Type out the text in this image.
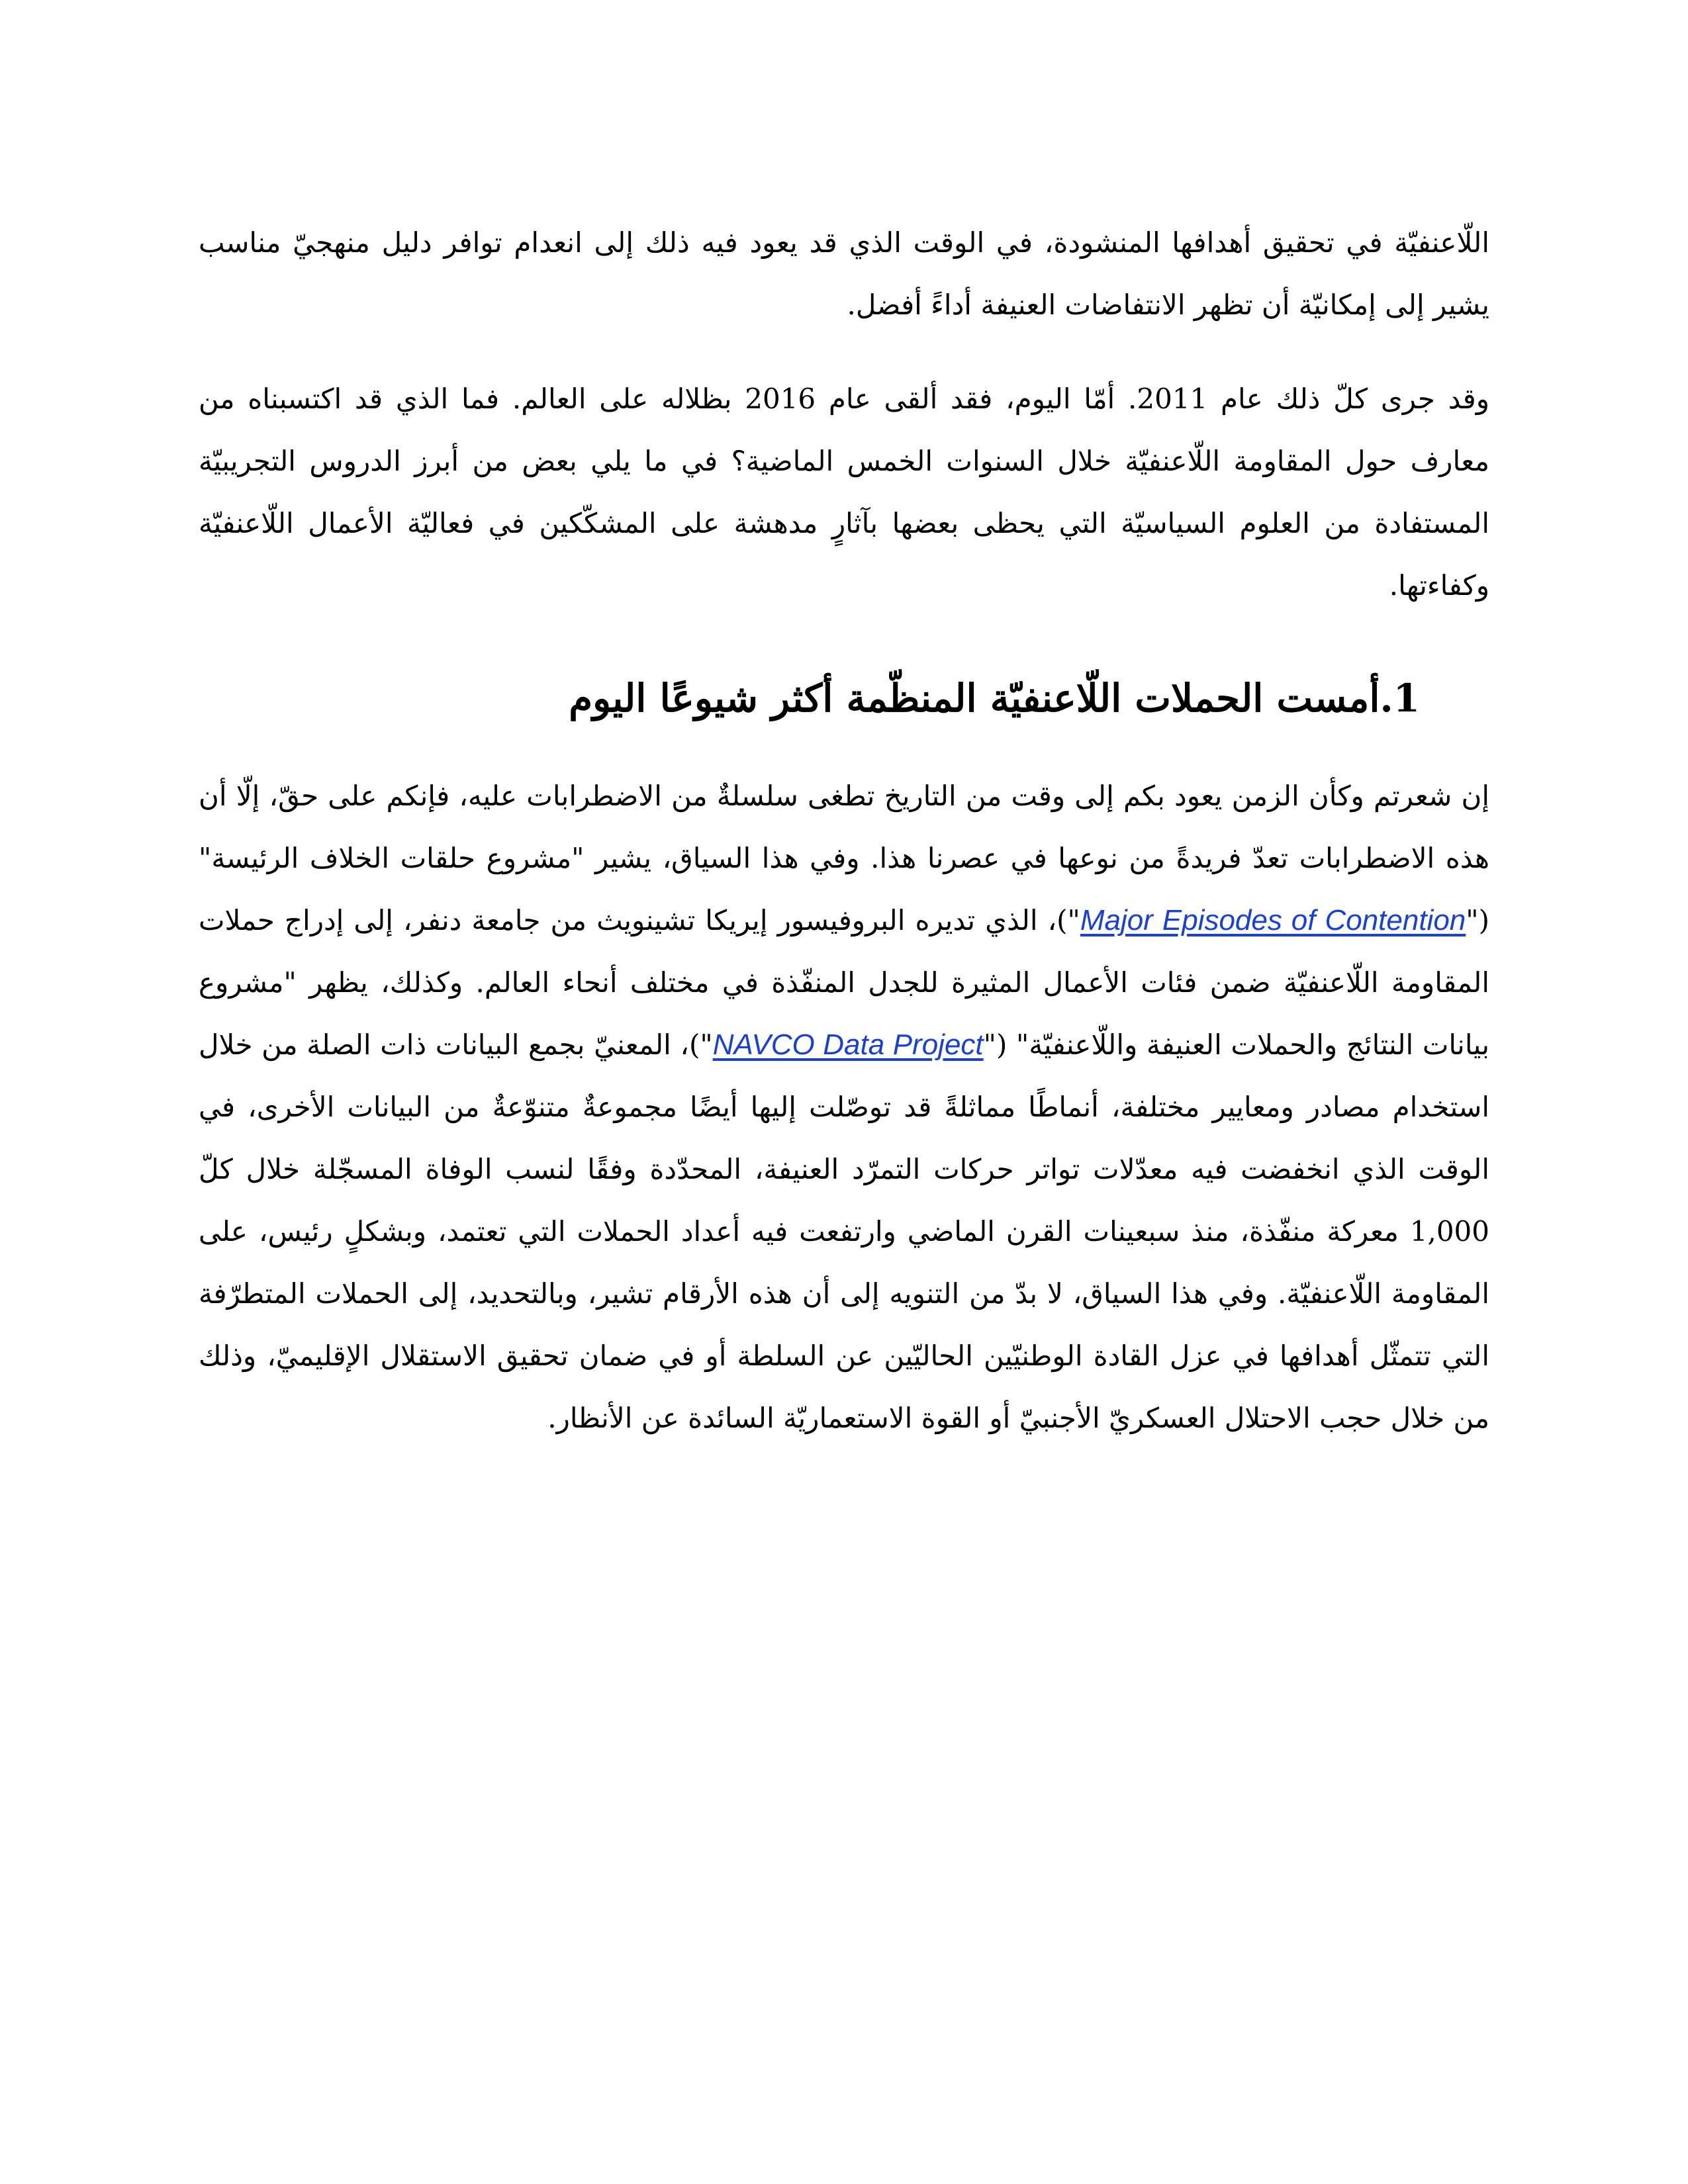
اللّاعنفيّة في تحقيق أهدافها المنشودة، في الوقت الذي قد يعود فيه ذلك إلى انعدام توافر دليل منهجيّ مناسب يشير إلى إمكانيّة أن تظهر الانتفاضات العنيفة أداءً أفضل.

وقد جرى كلّ ذلك عام 2011. أمّا اليوم، فقد ألقى عام 2016 بظلاله على العالم. فما الذي قد اكتسبناه من معارف حول المقاومة اللّاعنفيّة خلال السنوات الخمس الماضية؟ في ما يلي بعض من أبرز الدروس التجريبيّة المستفادة من العلوم السياسيّة التي يحظى بعضها بآثارٍ مدهشة على المشكّكين في فعاليّة الأعمال اللّاعنفيّة وكفاءتها.

1.أمست الحملات اللّاعنفيّة المنظّمة أكثر شيوعًا اليوم

إن شعرتم وكأن الزمن يعود بكم إلى وقت من التاريخ تطغى سلسلةٌ من الاضطرابات عليه، فإنكم على حقّ، إلّا أن هذه الاضطرابات تعدّ فريدةً من نوعها في عصرنا هذا. وفي هذا السياق، يشير "مشروع حلقات الخلاف الرئيسة" ("Major Episodes of Contention")، الذي تديره البروفيسور إيريكا تشينويث من جامعة دنفر، إلى إدراج حملات المقاومة اللّاعنفيّة ضمن فئات الأعمال المثيرة للجدل المنفّذة في مختلف أنحاء العالم. وكذلك، يظهر "مشروع بيانات النتائج والحملات العنيفة واللّاعنفيّة" ("NAVCO Data Project")، المعنيّ بجمع البيانات ذات الصلة من خلال استخدام مصادر ومعايير مختلفة، أنماطًا مماثلةً قد توصّلت إليها أيضًا مجموعةٌ متنوّعةٌ من البيانات الأخرى، في الوقت الذي انخفضت فيه معدّلات تواتر حركات التمرّد العنيفة، المحدّدة وفقًا لنسب الوفاة المسجّلة خلال كلّ 1,000 معركة منفّذة، منذ سبعينات القرن الماضي وارتفعت فيه أعداد الحملات التي تعتمد، وبشكلٍ رئيس، على المقاومة اللّاعنفيّة. وفي هذا السياق، لا بدّ من التنويه إلى أن هذه الأرقام تشير، وبالتحديد، إلى الحملات المتطرّفة التي تتمثّل أهدافها في عزل القادة الوطنيّين الحاليّين عن السلطة أو في ضمان تحقيق الاستقلال الإقليميّ، وذلك من خلال حجب الاحتلال العسكريّ الأجنبيّ أو القوة الاستعماريّة السائدة عن الأنظار.
